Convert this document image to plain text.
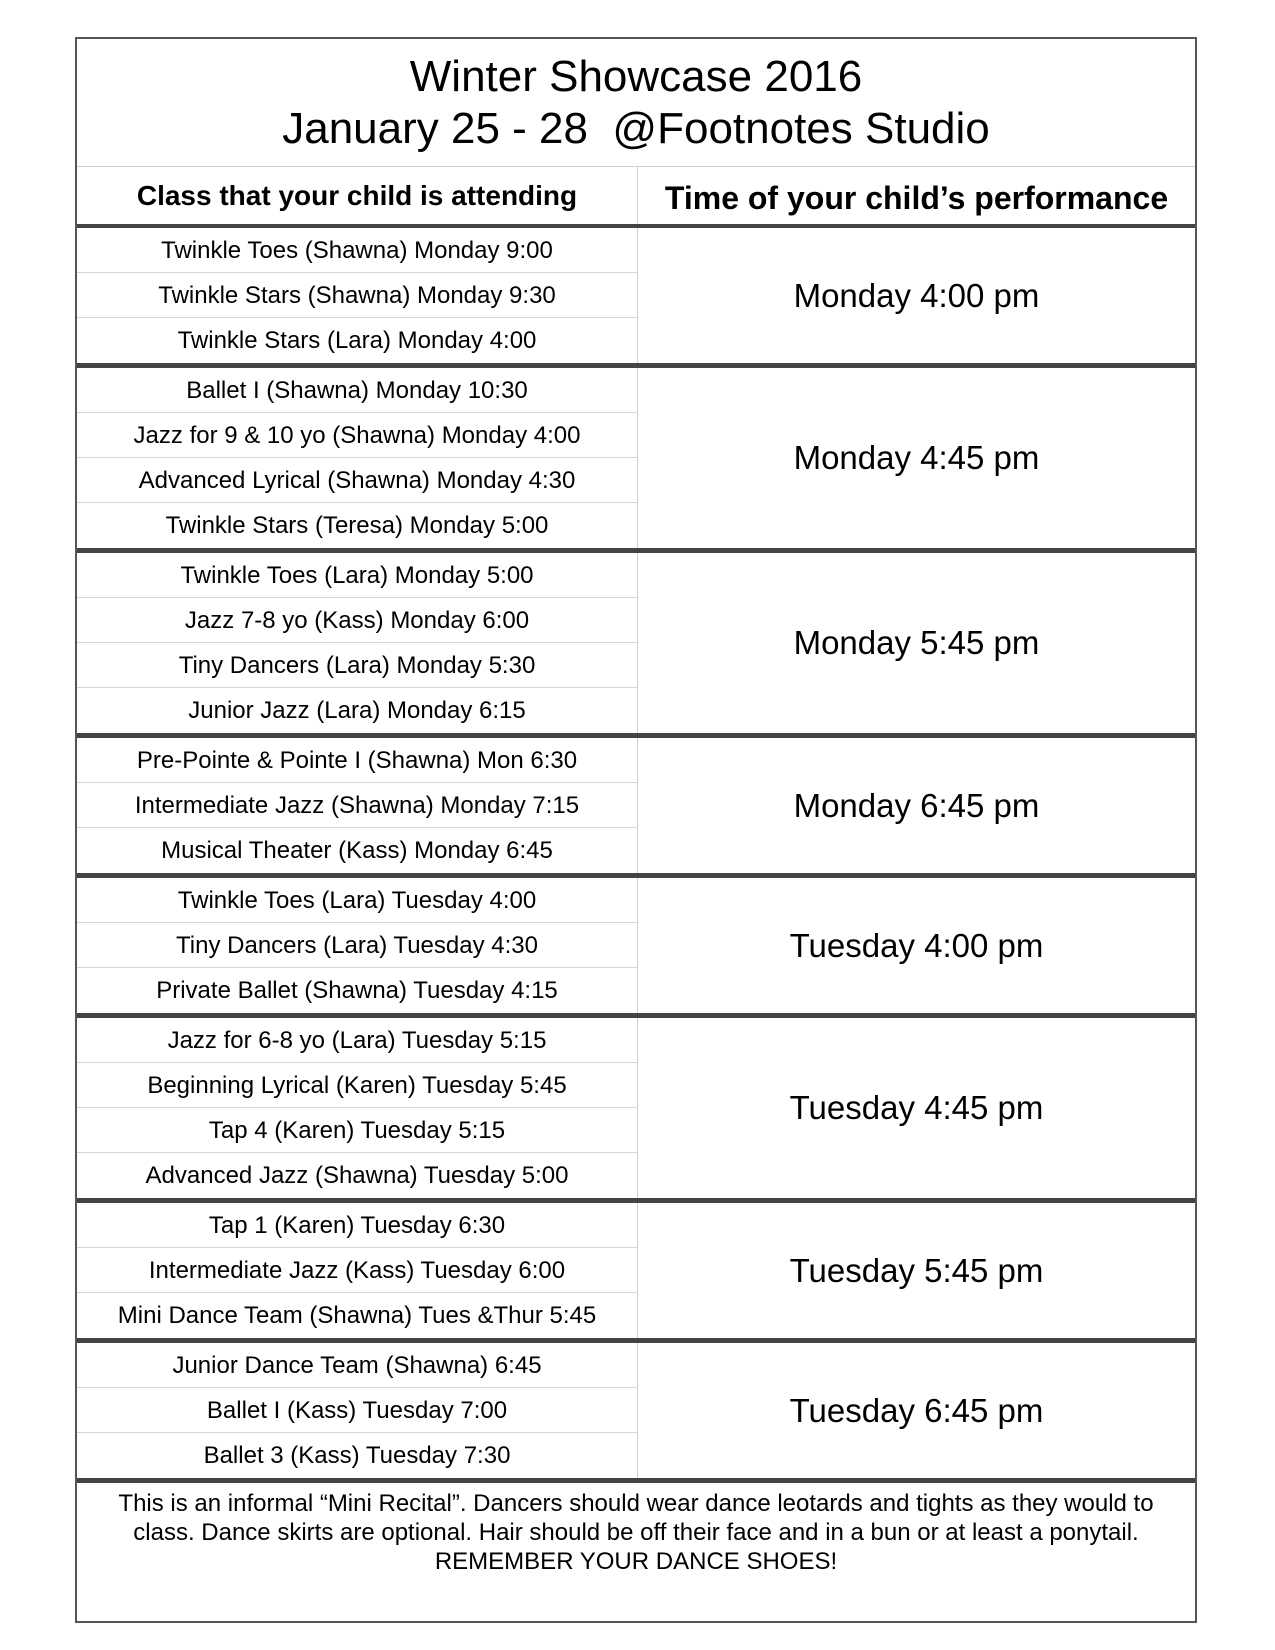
Winter Showcase 2016
January 25 - 28  @Footnotes Studio
Class that your child is attending	Time of your child’s performance
Twinkle Toes (Shawna) Monday 9:00
Twinkle Stars (Shawna) Monday 9:30
Twinkle Stars (Lara) Monday 4:00
Monday 4:00 pm
Ballet I (Shawna) Monday 10:30
Jazz for 9 & 10 yo (Shawna) Monday 4:00
Advanced Lyrical (Shawna) Monday 4:30
Twinkle Stars (Teresa) Monday 5:00
Monday 4:45 pm
Twinkle Toes (Lara) Monday 5:00
Jazz 7-8 yo (Kass) Monday 6:00
Tiny Dancers (Lara) Monday 5:30
Junior Jazz (Lara) Monday 6:15
Monday 5:45 pm
Pre-Pointe & Pointe I (Shawna) Mon 6:30
Intermediate Jazz (Shawna) Monday 7:15
Musical Theater (Kass) Monday 6:45
Monday 6:45 pm
Twinkle Toes (Lara) Tuesday 4:00
Tiny Dancers (Lara) Tuesday 4:30
Private Ballet (Shawna) Tuesday 4:15
Tuesday 4:00 pm
Jazz for 6-8 yo (Lara) Tuesday 5:15
Beginning Lyrical (Karen) Tuesday 5:45
Tap 4 (Karen) Tuesday 5:15
Advanced Jazz (Shawna) Tuesday 5:00
Tuesday 4:45 pm
Tap 1 (Karen) Tuesday 6:30
Intermediate Jazz (Kass) Tuesday 6:00
Mini Dance Team (Shawna) Tues &Thur 5:45
Tuesday 5:45 pm
Junior Dance Team (Shawna) 6:45
Ballet I (Kass) Tuesday 7:00
Ballet 3 (Kass) Tuesday 7:30
Tuesday 6:45 pm
This is an informal “Mini Recital”. Dancers should wear dance leotards and tights as they would to
class. Dance skirts are optional. Hair should be off their face and in a bun or at least a ponytail.
REMEMBER YOUR DANCE SHOES!
